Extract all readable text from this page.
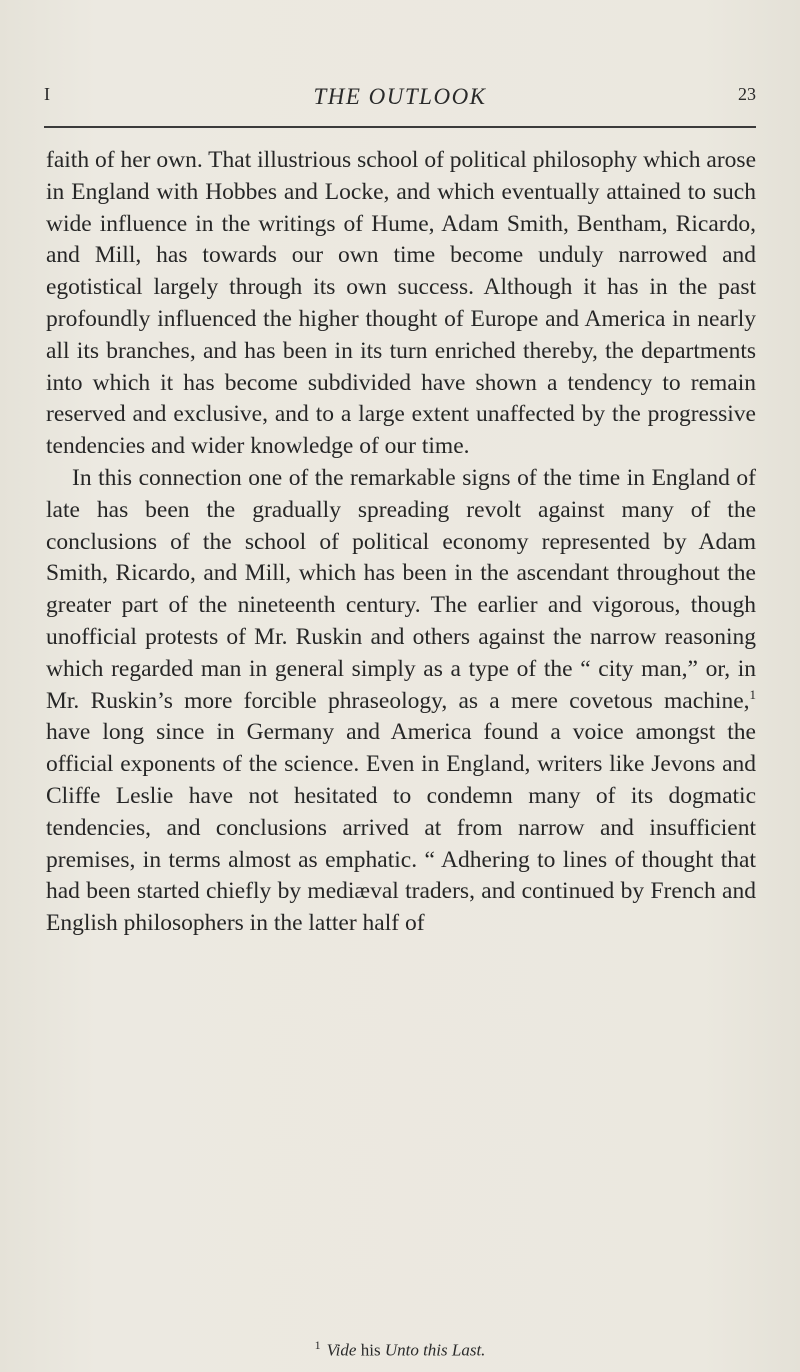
I	THE OUTLOOK	23

faith of her own. That illustrious school of political philosophy which arose in England with Hobbes and Locke, and which eventually attained to such wide influence in the writings of Hume, Adam Smith, Bentham, Ricardo, and Mill, has towards our own time become unduly narrowed and egotistical largely through its own success. Although it has in the past profoundly influenced the higher thought of Europe and America in nearly all its branches, and has been in its turn enriched thereby, the departments into which it has become subdivided have shown a tendency to remain reserved and exclusive, and to a large extent unaffected by the progressive tendencies and wider knowledge of our time.

In this connection one of the remarkable signs of the time in England of late has been the gradually spreading revolt against many of the conclusions of the school of political economy represented by Adam Smith, Ricardo, and Mill, which has been in the ascendant throughout the greater part of the nineteenth century. The earlier and vigorous, though unofficial protests of Mr. Ruskin and others against the narrow reasoning which regarded man in general simply as a type of the “ city man,” or, in Mr. Ruskin’s more forcible phraseology, as a mere covetous machine,$^1$ have long since in Germany and America found a voice amongst the official exponents of the science. Even in England, writers like Jevons and Cliffe Leslie have not hesitated to condemn many of its dogmatic tendencies, and conclusions arrived at from narrow and insufficient premises, in terms almost as emphatic. “ Adhering to lines of thought that had been started chiefly by mediæval traders, and continued by French and English philosophers in the latter half of

$^1$ Vide his Unto this Last.
